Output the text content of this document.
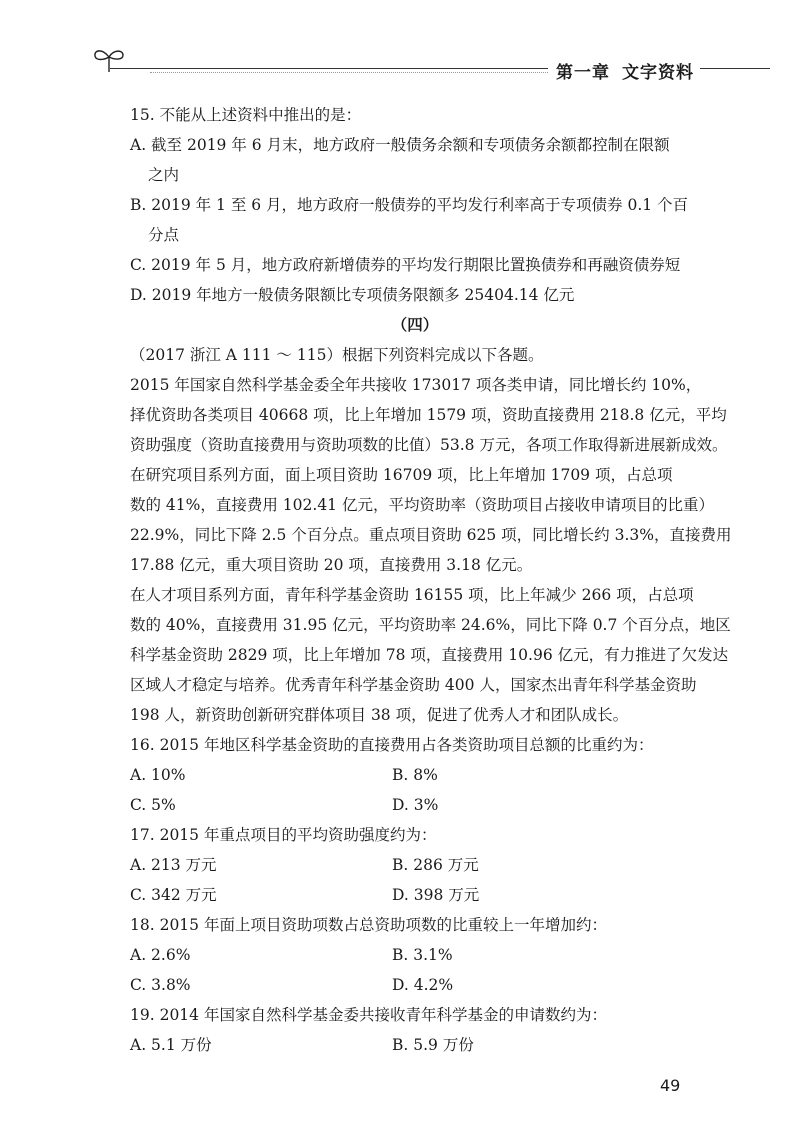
第一章 文字资料
15. 不能从上述资料中推出的是：
A. 截至 2019 年 6 月末，地方政府一般债务余额和专项债务余额都控制在限额
之内
B. 2019 年 1 至 6 月，地方政府一般债券的平均发行利率高于专项债券 0.1 个百
分点
C. 2019 年 5 月，地方政府新增债券的平均发行期限比置换债券和再融资债券短
D. 2019 年地方一般债务限额比专项债务限额多 25404.14 亿元
（四）
（2017 浙江 A 111 ～ 115）根据下列资料完成以下各题。
2015 年国家自然科学基金委全年共接收 173017 项各类申请，同比增长约 10%，
择优资助各类项目 40668 项，比上年增加 1579 项，资助直接费用 218.8 亿元，平均
资助强度（资助直接费用与资助项数的比值）53.8 万元，各项工作取得新进展新成效。
在研究项目系列方面，面上项目资助 16709 项，比上年增加 1709 项，占总项
数的 41%，直接费用 102.41 亿元，平均资助率（资助项目占接收申请项目的比重）
22.9%，同比下降 2.5 个百分点。重点项目资助 625 项，同比增长约 3.3%，直接费用
17.88 亿元，重大项目资助 20 项，直接费用 3.18 亿元。
在人才项目系列方面，青年科学基金资助 16155 项，比上年减少 266 项，占总项
数的 40%，直接费用 31.95 亿元，平均资助率 24.6%，同比下降 0.7 个百分点，地区
科学基金资助 2829 项，比上年增加 78 项，直接费用 10.96 亿元，有力推进了欠发达
区域人才稳定与培养。优秀青年科学基金资助 400 人，国家杰出青年科学基金资助
198 人，新资助创新研究群体项目 38 项，促进了优秀人才和团队成长。
16. 2015 年地区科学基金资助的直接费用占各类资助项目总额的比重约为：
A. 10%	B. 8%
C. 5%	D. 3%
17. 2015 年重点项目的平均资助强度约为：
A. 213 万元	B. 286 万元
C. 342 万元	D. 398 万元
18. 2015 年面上项目资助项数占总资助项数的比重较上一年增加约：
A. 2.6%	B. 3.1%
C. 3.8%	D. 4.2%
19. 2014 年国家自然科学基金委共接收青年科学基金的申请数约为：
A. 5.1 万份	B. 5.9 万份
49
